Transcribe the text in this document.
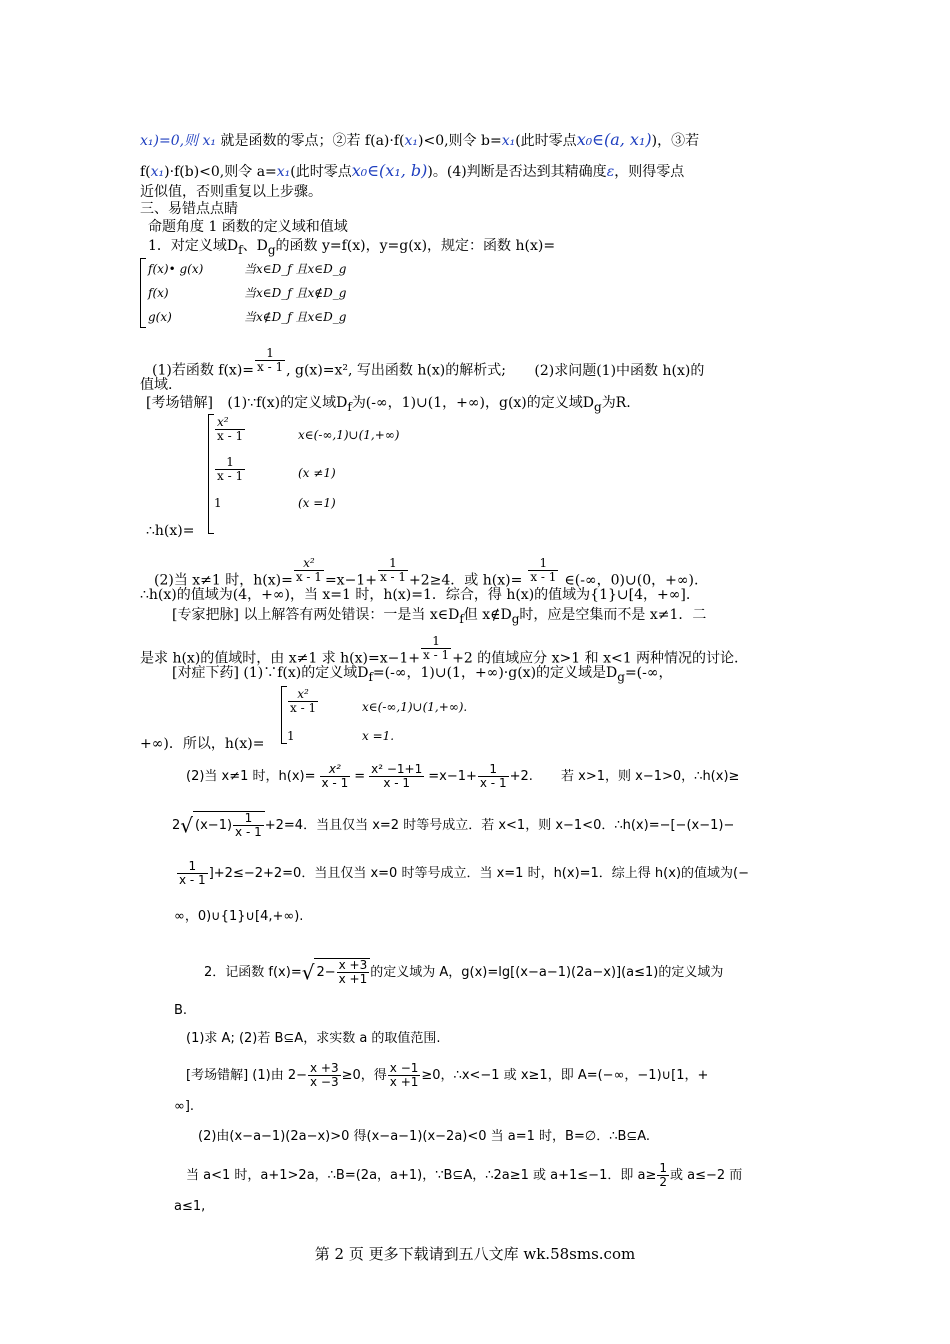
x₁)=0,则 x₁ 就是函数的零点；②若 f(a)·f(x₁)<0,则令 b=x₁(此时零点x₀∈(a, x₁))，③若
f(x₁)·f(b)<0,则令 a=x₁(此时零点x₀∈(x₁, b))。(4)判断是否达到其精确度ε，则得零点
近似值，否则重复以上步骤。
三、易错点点睛
命题角度 1 函数的定义域和值域
1．对定义域$D_f$、$D_g$的函数 y=f(x)，y=g(x)，规定：函数 h(x)=
f(x)• g(x)	当x∈D_f 且x∈D_g
f(x)	当x∈D_f 且x∉D_g
g(x)	当x∉D_f 且x∈D_g
(1)若函数 $f(x)= \frac{1}{x - 1}$ , g(x)=x², 写出函数 h(x)的解析式; (2)求问题(1)中函数 h(x)的
值域.
[考场错解] (1)∵f(x)的定义域$D_f$为(-∞，1)∪(1，+∞)，g(x)的定义域$D_g$为R.
$\frac{\text{x²}}{x - 1}$	x∈(-∞,1)∪(1,+∞)
$\frac{1}{x - 1}$	(x ≠1)
1	(x =1)
∴h(x)=
(2)当 x≠1 时，$h(x)= \frac{\text{x²}}{x - 1} =x-1+ \frac{1}{x - 1} +2\ge 4$．或 $h(x)= \frac{1}{x - 1}$ ∈(-∞，0)∪(0，+∞).
∴h(x)的值域为(4，+∞)，当 x=1 时，h(x)=1．综合，得 h(x)的值域为{1}∪[4，+∞].
[专家把脉] 以上解答有两处错误：一是当 $x\in D_f$但 $x\notin D_g$时，应是空集而不是 x≠1．二
是求 h(x)的值域时，由 x≠1 求 $h(x)=x-1+ \frac{1}{x - 1} +2$ 的值域应分 x>1 和 x<1 两种情况的讨论.
[对症下药] (1)∵f(x)的定义域$D_f=(-\infty$，1)∪(1，+∞)·g(x)的定义域是$D_g=(-\infty$，
$\frac{\text{x²}}{x - 1}$	x∈(-∞,1)∪(1,+∞).
1	x =1.
+∞)．所以，h(x)=
(2)当 x≠1 时，$h(x)= \frac{\text{x²}}{x - 1} = \frac{\text{x² −1+1}}{x - 1} =x-1+ \frac{1}{x - 1} +2$. 若 x>1，则 x−1>0，∴h(x)≥
2√ $(x-1) \frac{1}{x - 1} +2=4$．当且仅当 x=2 时等号成立．若 x<1，则 x−1<0．∴h(x)=−[−(x−1)−
$\frac{1}{x - 1} ]+2\le-2+2=0$．当且仅当 x=0 时等号成立．当 x=1 时，h(x)=1．综上得 h(x)的值域为(−
∞，0)∪{1}∪[4,+∞).
2．记函数 f(x)=√ $2- \frac{x +3}{x +1}$ 的定义域为 A，g(x)=lg[(x−a−1)(2a−x)](a≤1)的定义域为
B.
(1)求 A; (2)若 B⊆A，求实数 a 的取值范围.
[考场错解] (1)由 $2- \frac{x +3}{x -3} \ge 0$，得 $\frac{x -1}{x +1} \ge 0$，∴x<−1 或 x≥1，即 A=(−∞，−1)∪[1，+
∞].
(2)由(x−a−1)(2a−x)>0 得(x−a−1)(x−2a)<0 当 a=1 时，B=∅．∴B⊆A.
当 a<1 时，a+1>2a，∴B=(2a，a+1)，∵B⊆A，∴2a≥1 或 a+1≤−1．即 $a\ge \frac{1}{2}$ 或 a≤−2 而
a≤1,
第 2 页 更多下载请到五八文库 wk.58sms.com
